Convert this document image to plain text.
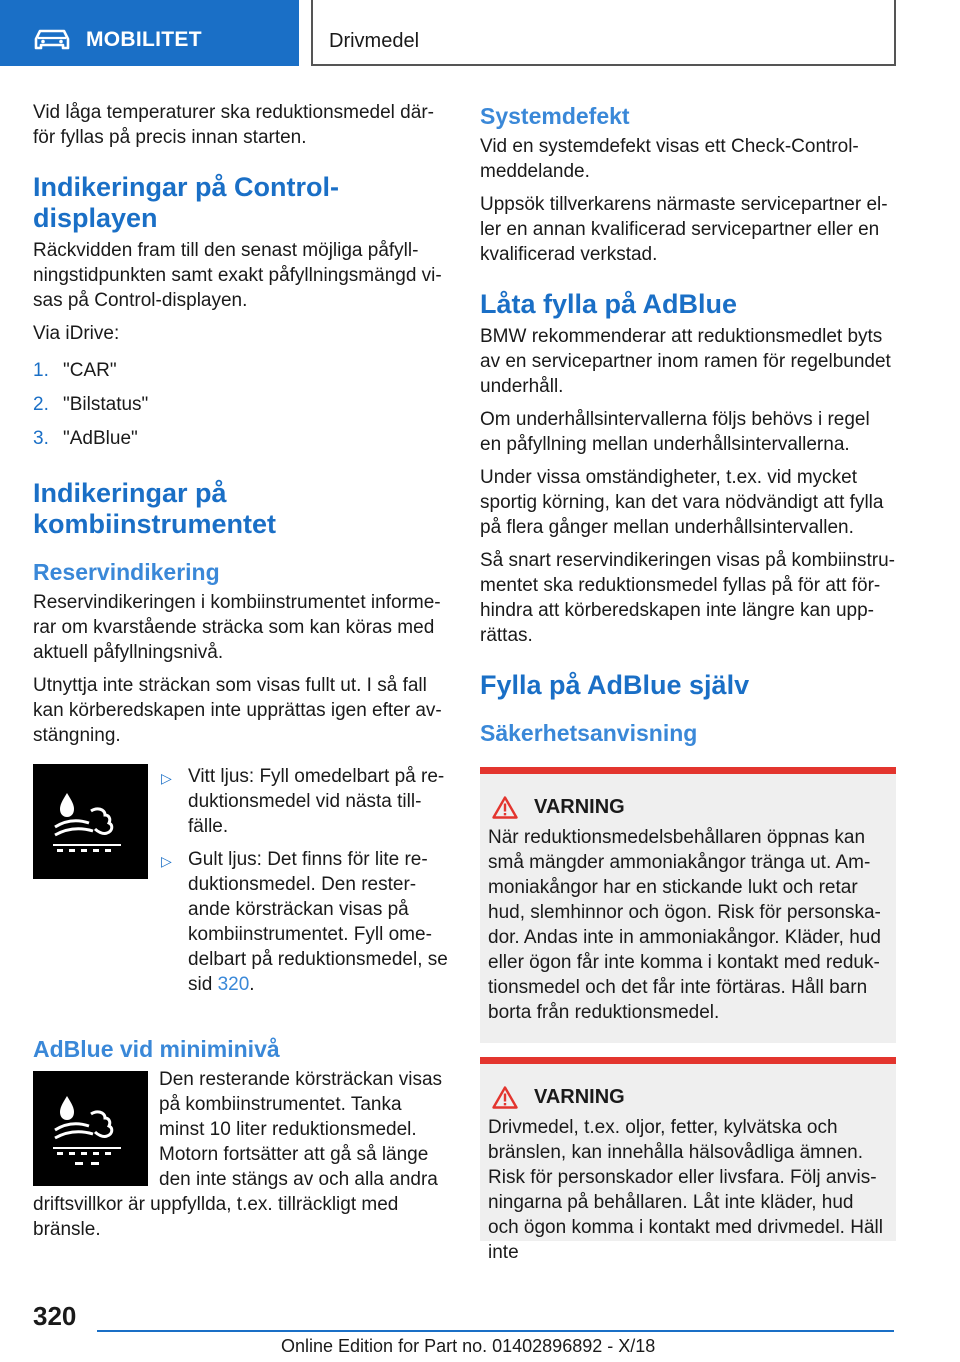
MOBILITET	Drivmedel

Vid låga temperaturer ska reduktionsmedel där-för fyllas på precis innan starten.

Indikeringar på Control-displayen

Räckvidden fram till den senast möjliga påfyll-ningstidpunkten samt exakt påfyllningsmängd vi-sas på Control-displayen.

Via iDrive:

1. "CAR"
2. "Bilstatus"
3. "AdBlue"
Indikeringar på kombiinstrumentet
Reservindikering

Reservindikeringen i kombiinstrumentet informe-rar om kvarstående sträcka som kan köras med aktuell påfyllningsnivå.

Utnyttja inte sträckan som visas fullt ut. I så fall kan körberedskapen inte upprättas igen efter av-stängning.

▷ Vitt ljus: Fyll omedelbart på re-duktionsmedel vid nästa till-fälle.
▷ Gult ljus: Det finns för lite re-duktionsmedel. Den rester-ande körsträckan visas på kombiinstrumentet. Fyll ome-delbart på reduktionsmedel, se sid 320.
AdBlue vid miniminivå

Den resterande körsträckan visas på kombiinstrumentet. Tanka minst 10 liter reduktionsmedel. Motorn fortsätter att gå så länge den inte stängs av och alla andra driftsvillkor är uppfyllda, t.ex. tillräckligt med bränsle.

Systemdefekt

Vid en systemdefekt visas ett Check-Control-meddelande.

Uppsök tillverkarens närmaste servicepartner el-ler en annan kvalificerad servicepartner eller en kvalificerad verkstad.

Låta fylla på AdBlue

BMW rekommenderar att reduktionsmedlet byts av en servicepartner inom ramen för regelbundet underhåll.

Om underhållsintervallerna följs behövs i regel en påfyllning mellan underhållsintervallerna.

Under vissa omständigheter, t.ex. vid mycket sportig körning, kan det vara nödvändigt att fylla på flera gånger mellan underhållsintervallen.

Så snart reservindikeringen visas på kombiinstru-mentet ska reduktionsmedel fyllas på för att för-hindra att körberedskapen inte längre kan upp-rättas.

Fylla på AdBlue själv
Säkerhetsanvisning
VARNING

När reduktionsmedelsbehållaren öppnas kan små mängder ammoniakångor tränga ut. Am-moniakångor har en stickande lukt och retar hud, slemhinnor och ögon. Risk för personska-dor. Andas inte in ammoniakångor. Kläder, hud eller ögon får inte komma i kontakt med reduk-tionsmedel och det får inte förtäras. Håll barn borta från reduktionsmedel.

VARNING

Drivmedel, t.ex. oljor, fetter, kylvätska och bränslen, kan innehålla hälsovådliga ämnen. Risk för personskador eller livsfara. Följ anvis-ningarna på behållaren. Låt inte kläder, hud och ögon komma i kontakt med drivmedel. Häll inte

320
Online Edition for Part no. 01402896892 - X/18
